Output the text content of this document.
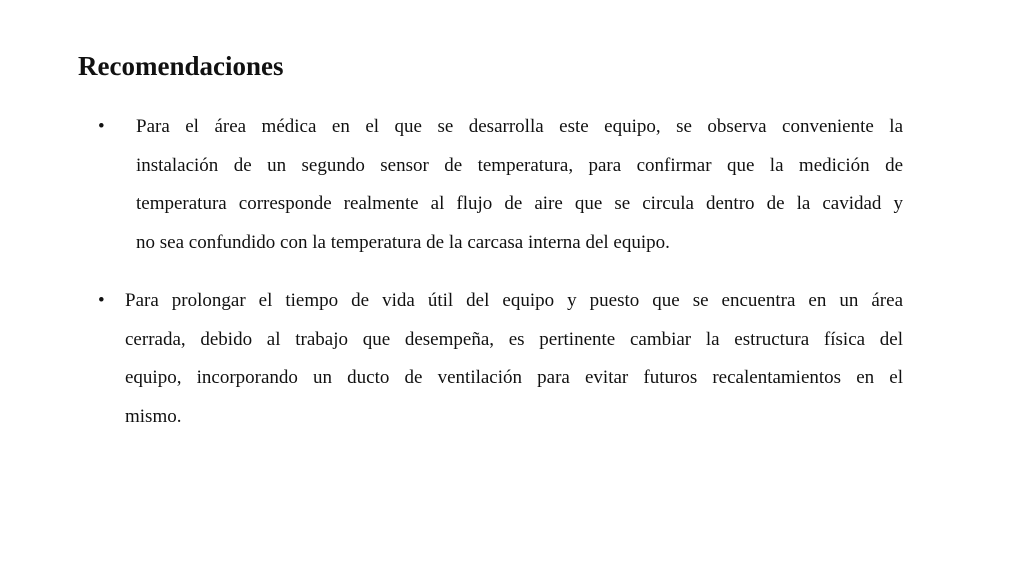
Recomendaciones
• Para el área médica en el que se desarrolla este equipo, se observa conveniente la
instalación de un segundo sensor de temperatura, para confirmar que la medición de
temperatura corresponde realmente al flujo de aire que se circula dentro de la cavidad y
no sea confundido con la temperatura de la carcasa interna del equipo.
• Para prolongar el tiempo de vida útil del equipo y puesto que se encuentra en un área
cerrada, debido al trabajo que desempeña, es pertinente cambiar la estructura física del
equipo, incorporando un ducto de ventilación para evitar futuros recalentamientos en el
mismo.
